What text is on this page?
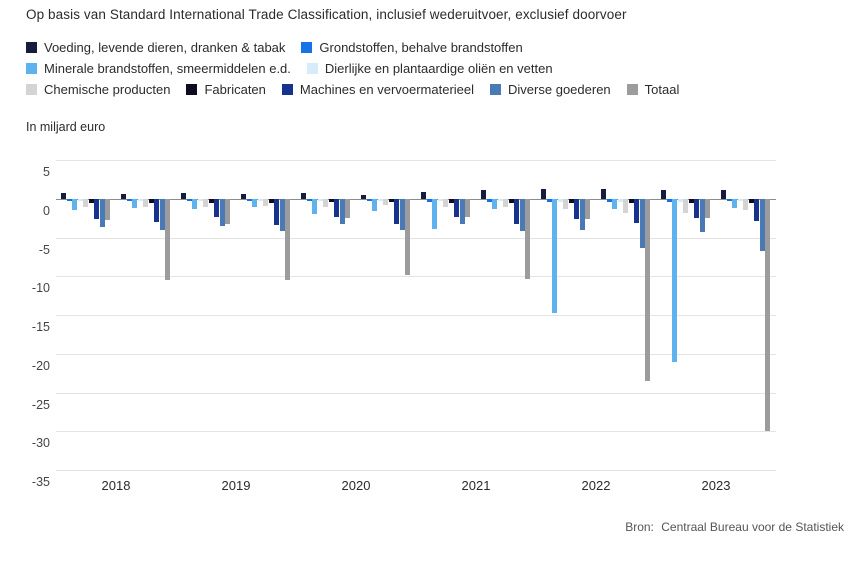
Op basis van Standard International Trade Classification, inclusief wederuitvoer, exclusief doorvoer
Voeding, levende dieren, dranken & tabak	Grondstoffen, behalve brandstoffen
Minerale brandstoffen, smeermiddelen e.d.	Dierlijke en plantaardige oliën en vetten
Chemische producten	Fabricaten	Machines en vervoermaterieel	Diverse goederen	Totaal
In miljard euro
5
0
-5
-10
-15
-20
-25
-30
-35	2018	2019	2020	2021	2022	2023
Bron: Centraal Bureau voor de Statistiek
